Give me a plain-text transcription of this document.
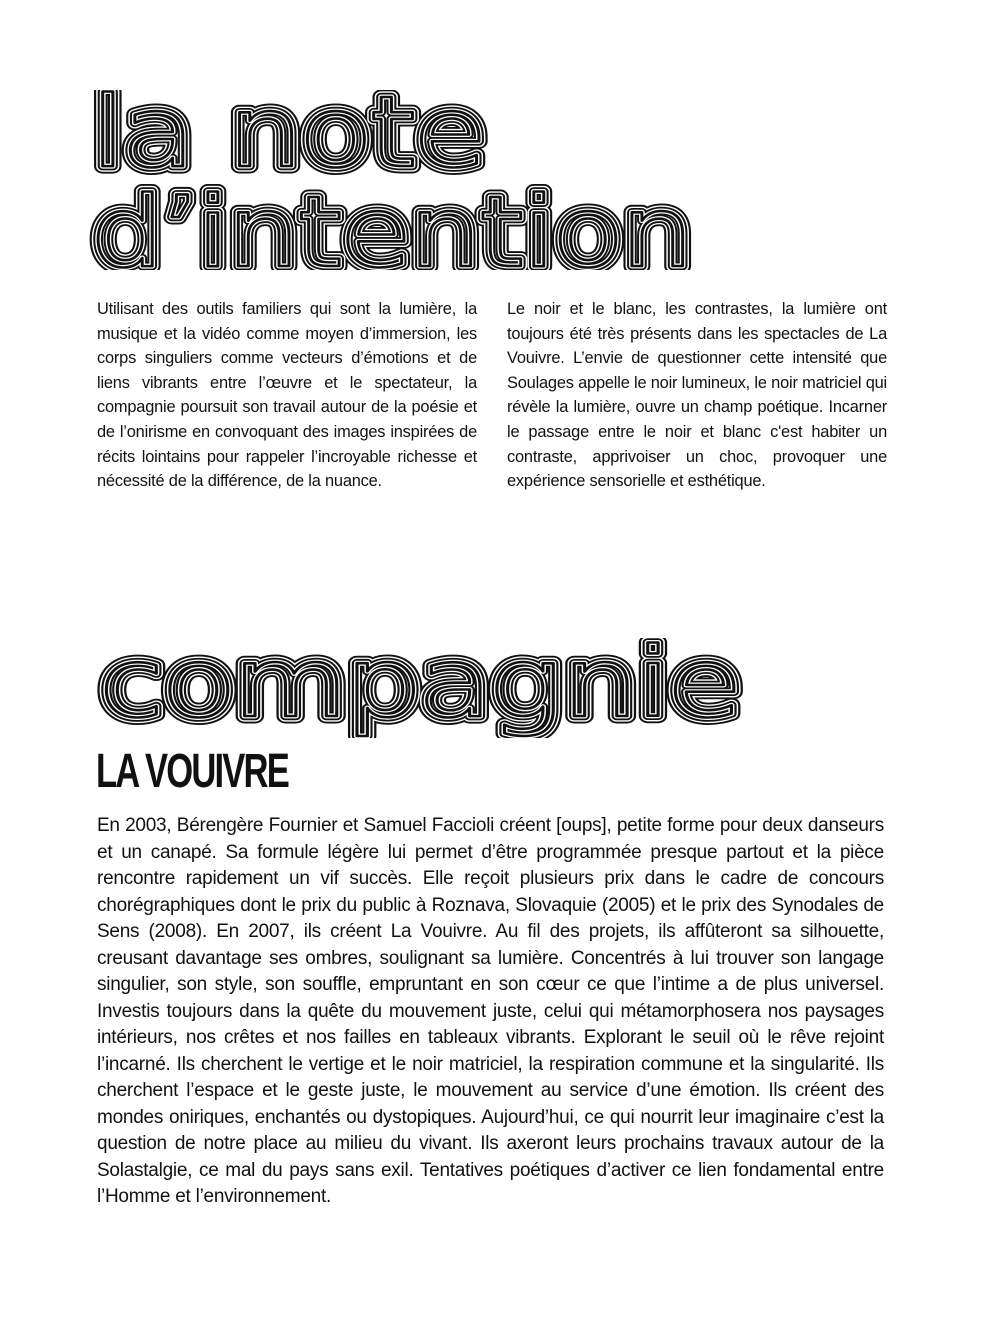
Utilisant des outils familiers qui sont la lumière, la musique et la vidéo comme moyen d’immersion, les corps singuliers comme vecteurs d’émotions et de liens vibrants entre l’œuvre et le spectateur, la compagnie poursuit son travail autour de la poésie et de l’onirisme en convoquant des images inspirées de récits lointains pour rappeler l’incroyable richesse et nécessité de la différence, de la nuance.

Le noir et le blanc, les contrastes, la lumière ont toujours été très présents dans les spectacles de La Vouivre. L’envie de questionner cette intensité que Soulages appelle le noir lumineux, le noir matriciel qui révèle la lumière, ouvre un champ poétique. Incarner le passage entre le noir et blanc c'est habiter un contraste, apprivoiser un choc, provoquer une expérience sensorielle et esthétique.

LA VOUIVRE

En 2003, Bérengère Fournier et Samuel Faccioli créent [oups], petite forme pour deux danseurs et un canapé. Sa formule légère lui permet d’être programmée presque partout et la pièce rencontre rapidement un vif succès. Elle reçoit plusieurs prix dans le cadre de concours chorégraphiques dont le prix du public à Roznava, Slovaquie (2005) et le prix des Synodales de Sens (2008). En 2007, ils créent La Vouivre. Au fil des projets, ils affûteront sa silhouette, creusant davantage ses ombres, soulignant sa lumière. Concentrés à lui trouver son langage singulier, son style, son souffle, empruntant en son cœur ce que l’intime a de plus universel. Investis toujours dans la quête du mouvement juste, celui qui métamorphosera nos paysages intérieurs, nos crêtes et nos failles en tableaux vibrants. Explorant le seuil où le rêve rejoint l’incarné. Ils cherchent le vertige et le noir matriciel, la respiration commune et la singularité. Ils cherchent l’espace et le geste juste, le mouvement au service d’une émotion. Ils créent des mondes oniriques, enchantés ou dystopiques. Aujourd’hui, ce qui nourrit leur imaginaire c’est la question de notre place au milieu du vivant. Ils axeront leurs prochains travaux autour de la Solastalgie, ce mal du pays sans exil. Tentatives poétiques d’activer ce lien fondamental entre l’Homme et l’environnement.
